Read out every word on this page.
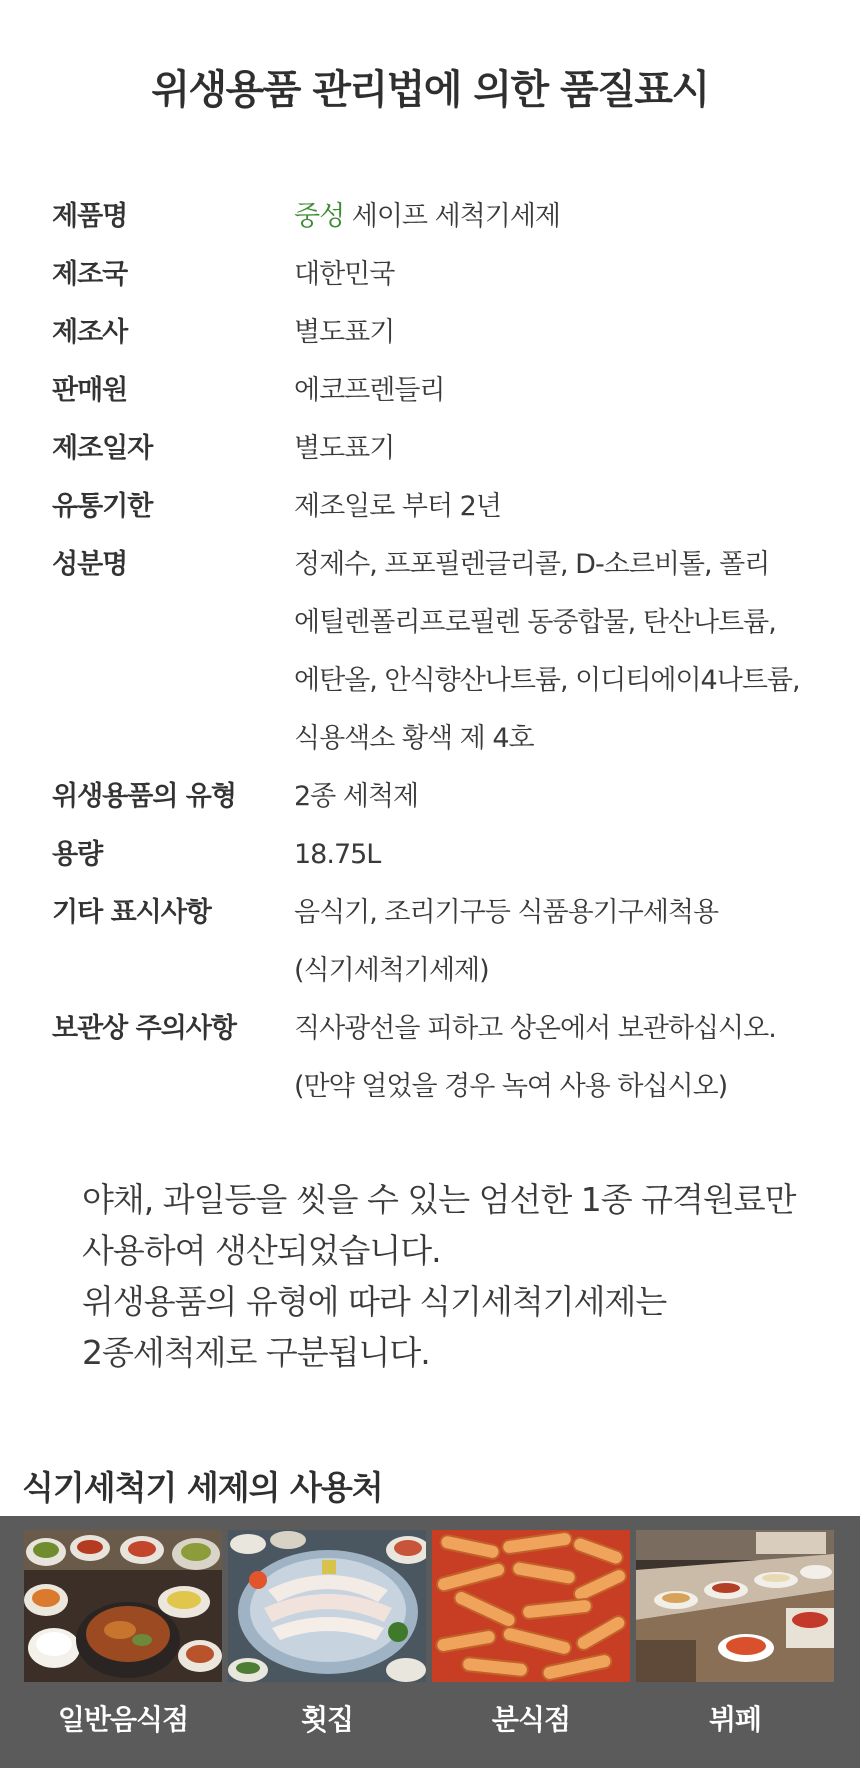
위생용품 관리법에 의한 품질표시
제품명	중성 세이프 세척기세제
제조국	대한민국
제조사	별도표기
판매원	에코프렌들리
제조일자	별도표기
유통기한	제조일로 부터 2년
성분명	정제수, 프포필렌글리콜, D-소르비톨, 폴리
에틸렌폴리프로필렌 동중합물, 탄산나트륨,
에탄올, 안식향산나트륨, 이디티에이4나트륨,
식용색소 황색 제 4호
위생용품의 유형	2종 세척제
용량	18.75L
기타 표시사항	음식기, 조리기구등 식품용기구세척용
(식기세척기세제)
보관상 주의사항	직사광선을 피하고 상온에서 보관하십시오.
(만약 얼었을 경우 녹여 사용 하십시오)
야채, 과일등을 씻을 수 있는 엄선한 1종 규격원료만
사용하여 생산되었습니다.
위생용품의 유형에 따라 식기세척기세제는
2종세척제로 구분됩니다.
식기세척기 세제의 사용처
일반음식점	횟집	분식점	뷔페
